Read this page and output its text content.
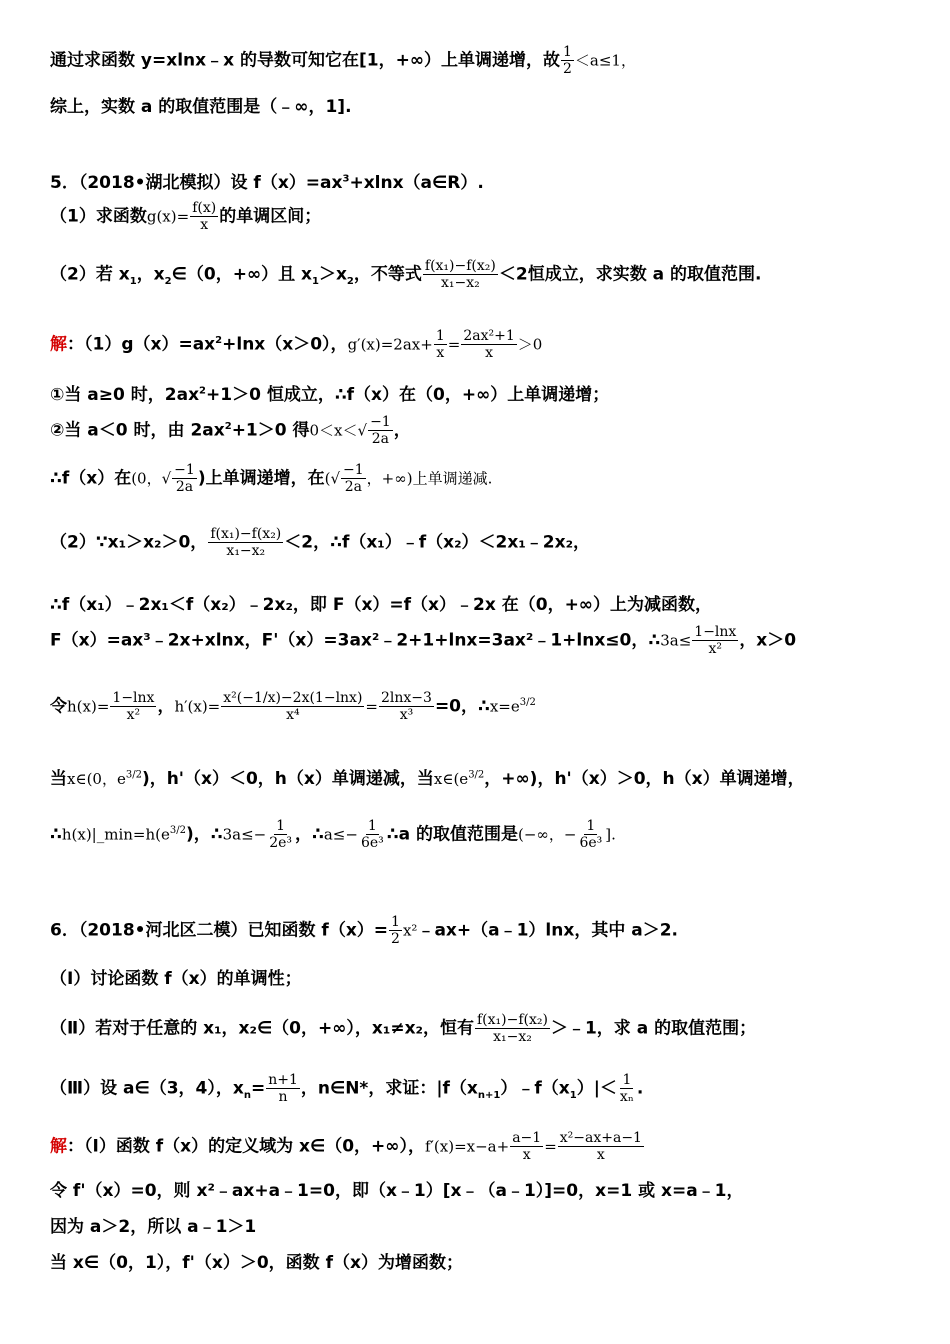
通过求函数 y=xlnx﹣x 的导数可知它在[1，+∞）上单调递增，故 $\frac{1}{2} <a\le 1$，
综上，实数 a 的取值范围是（﹣∞，1].
5．（2018•湖北模拟）设 $f(x)=ax^3+xlnx(a\in R)$.
（1）求函数$g(x)= \frac{f(x)}{x}$ 的单调区间；
（2）若 $x_1$，$x_2\in(0$，+∞）且 $x_1>x_2$，不等式 $\frac{\text{f(x₁)−f(x₂)}}{\text{x₁−x₂}} <2$恒成立，求实数 a 的取值范围.
解：$(1)g(x)=ax^2+\ln x(x>0)$，$g'(x)=2ax+ \frac{1}{x} = \frac{\text{2ax²+1}}{x} >0$
①当 a≥0 时，$2ax^2+1>0$ 恒成立，∴f（x）在（0，+∞）上单调递增；
②当 a＜0 时，由 $2ax^2+1>0$ 得$0<x<√ \frac{-1}{2a}$ ，
∴f（x）在(0，√ $\frac{-1}{2a}$ )上单调递增，在(√ $\frac{-1}{2a}$ ，+∞)上单调递减.
（2）∵x₁＞x₂＞0， $\frac{\text{f(x₁)−f(x₂)}}{\text{x₁−x₂}} <2$，∴f（x₁）﹣f（x₂）＜2x₁﹣2x₂，
∴f（x₁）﹣2x₁＜f（x₂）﹣2x₂，即 F（x）=f（x）﹣2x 在（0，+∞）上为减函数，
F（x）=ax³﹣2x+xlnx，F'（x）=3ax²﹣2+1+lnx=3ax²﹣1+lnx≤0，∴3a≤ $\frac{1-\ln x}{\text{x²}}$ ，x＞0
令$h(x)= \frac{1-\ln x}{\text{x²}}$ ，$h'(x)= \frac{\text{x²(−1/x)−2x(1−lnx)}}{\text{x⁴}} = \frac{2\ln x-3}{\text{x³}} =0$，$\therefore x=e^{3/2}$
当x∈(0，$e^{3/2}$)，h'（x）＜0，h（x）单调递减，当$x\in(e^{3/2}$，+∞)，h'（x）＞0，h（x）单调递增，
$\therefore h(x)|\_\min=h(e^{3/2})$，∴3a≤− $\frac{1}{\text{2e³}}$ ，∴a≤− $\frac{1}{\text{6e³}}$ ∴a 的取值范围是(−∞，− $\frac{1}{\text{6e³}}$ ].
6．（2018•河北区二模）已知函数 $f(x)= \frac{1}{2}$ x²﹣ax+（a﹣1）lnx，其中 a＞2.
（Ⅰ）讨论函数 f（x）的单调性；
（Ⅱ）若对于任意的 x₁，x₂∈（0，+∞），x₁≠x₂，恒有 $\frac{\text{f(x₁)−f(x₂)}}{\text{x₁−x₂}}$ ＞﹣1，求 a 的取值范围；
（Ⅲ）设 a∈（3，4），$x_n= \frac{n+1}{n}$ ，n∈N*，求证：$|f(x_{n+1})﹣f(x_1)|< \frac{1}{\text{xₙ}}$ .
解：（Ⅰ）函数 f（x）的定义域为 x∈（0，+∞），$f'(x)=x-a+ \frac{a-1}{x} = \frac{\text{x²−ax+a−1}}{x}$
令 f'（x）=0，则 x²﹣ax+a﹣1=0，即（x﹣1）[x﹣（a﹣1）]=0，x=1 或 x=a﹣1，
因为 a＞2，所以 a﹣1＞1
当 x∈（0，1），f'（x）＞0，函数 f（x）为增函数；
